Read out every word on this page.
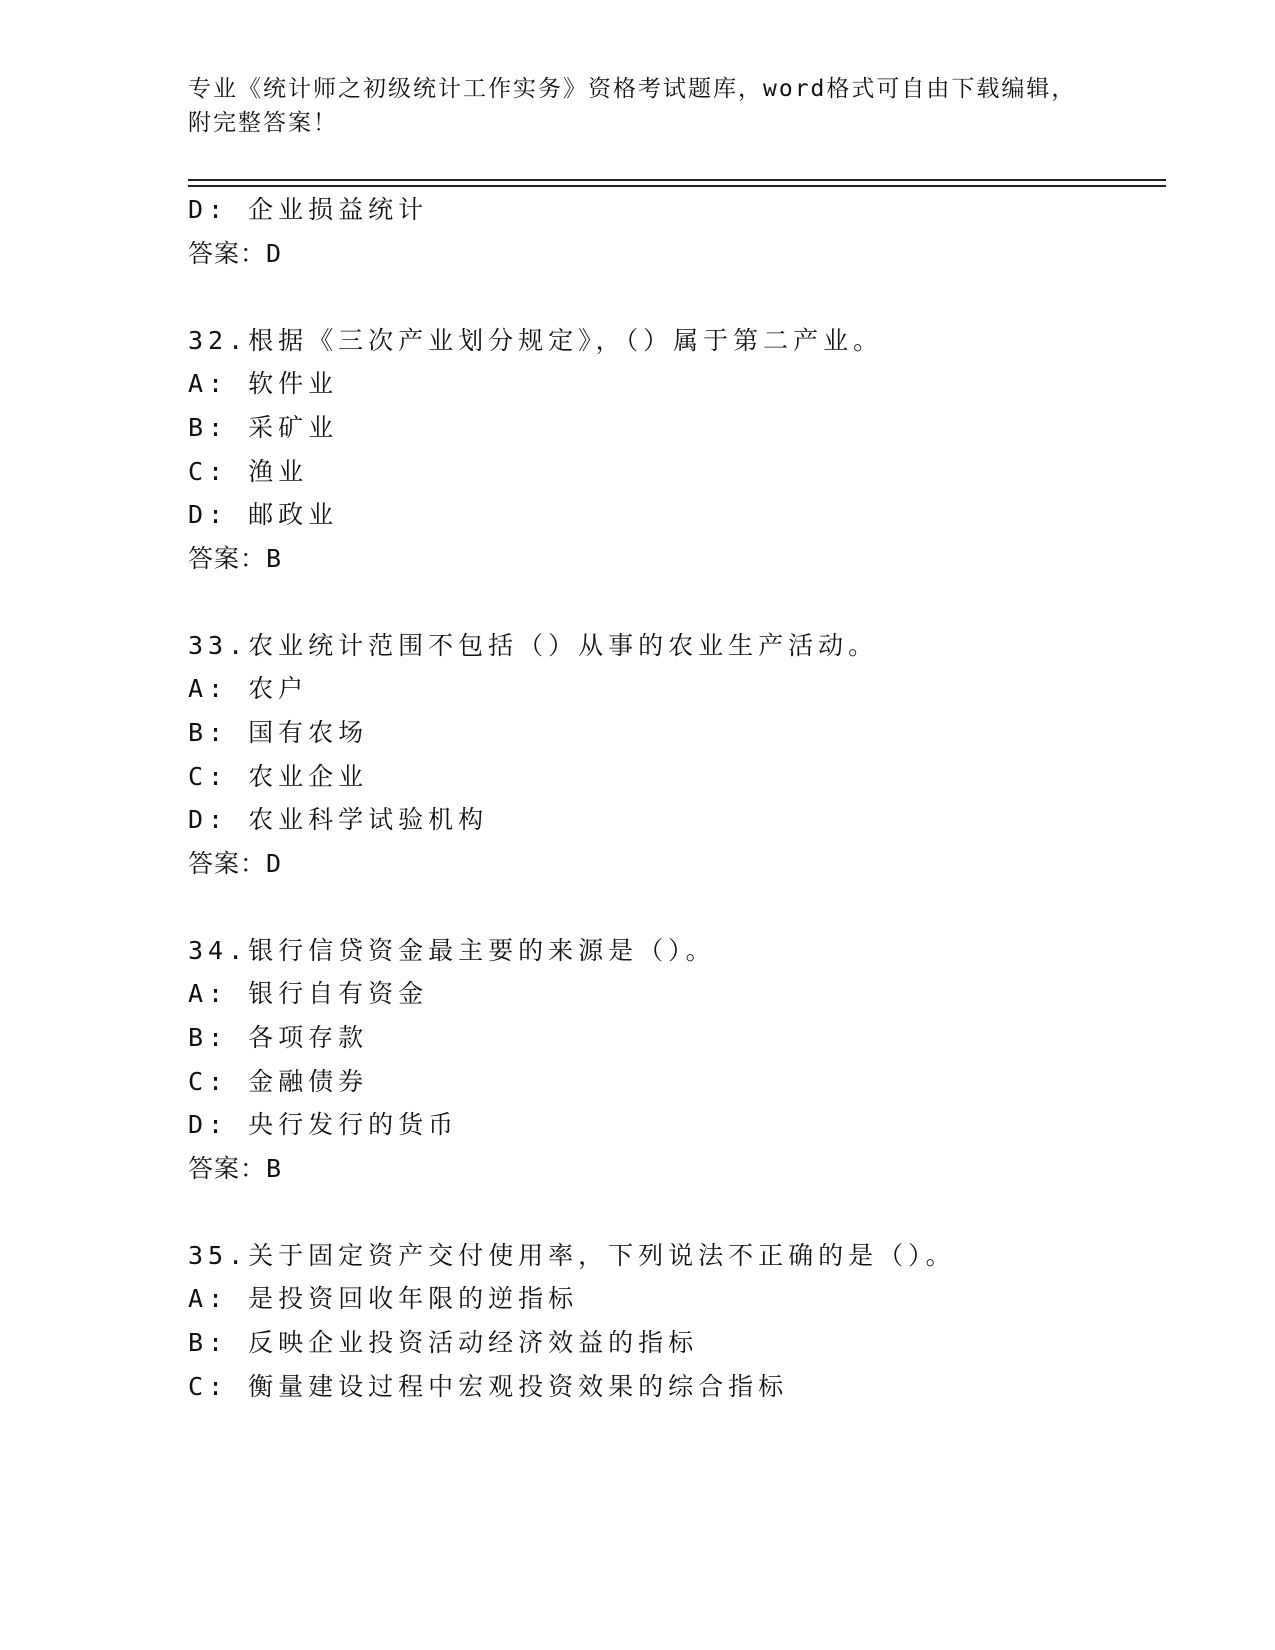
专业《统计师之初级统计工作实务》资格考试题库，word格式可自由下载编辑，
附完整答案！
D: 企业损益统计
答案：D
32.根据《三次产业划分规定》，（）属于第二产业。
A: 软件业
B: 采矿业
C: 渔业
D: 邮政业
答案：B
33.农业统计范围不包括（）从事的农业生产活动。
A: 农户
B: 国有农场
C: 农业企业
D: 农业科学试验机构
答案：D
34.银行信贷资金最主要的来源是（）。
A: 银行自有资金
B: 各项存款
C: 金融债券
D: 央行发行的货币
答案：B
35.关于固定资产交付使用率，下列说法不正确的是（）。
A: 是投资回收年限的逆指标
B: 反映企业投资活动经济效益的指标
C: 衡量建设过程中宏观投资效果的综合指标
